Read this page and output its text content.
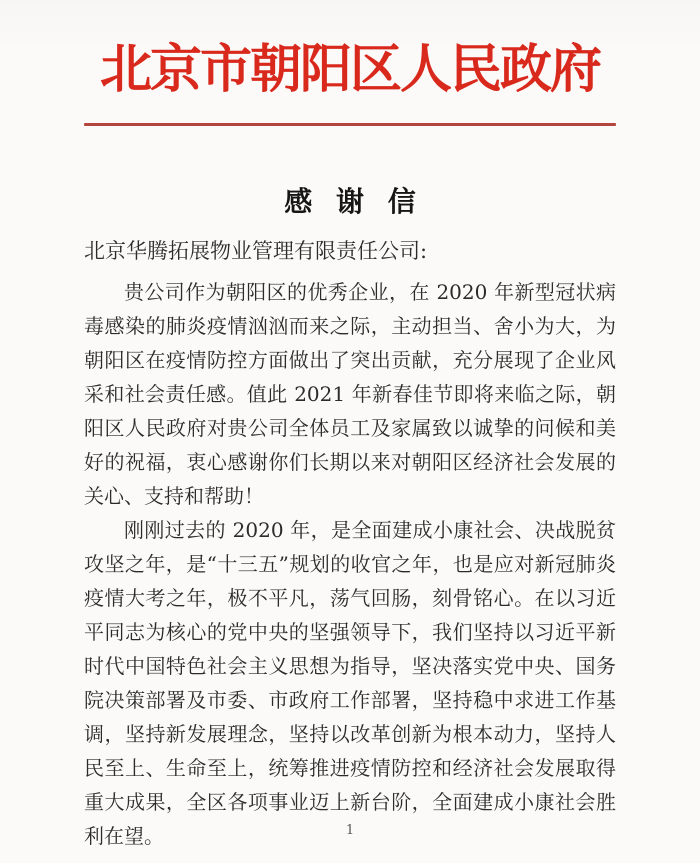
北京市朝阳区人民政府
感 谢 信
北京华腾拓展物业管理有限责任公司:

贵公司作为朝阳区的优秀企业，在 2020 年新型冠状病毒感染的肺炎疫情汹汹而来之际，主动担当、舍小为大，为朝阳区在疫情防控方面做出了突出贡献，充分展现了企业风采和社会责任感。值此 2021 年新春佳节即将来临之际，朝阳区人民政府对贵公司全体员工及家属致以诚挚的问候和美好的祝福，衷心感谢你们长期以来对朝阳区经济社会发展的关心、支持和帮助！

刚刚过去的 2020 年，是全面建成小康社会、决战脱贫攻坚之年，是“十三五”规划的收官之年，也是应对新冠肺炎疫情大考之年，极不平凡，荡气回肠，刻骨铭心。在以习近平同志为核心的党中央的坚强领导下，我们坚持以习近平新时代中国特色社会主义思想为指导，坚决落实党中央、国务院决策部署及市委、市政府工作部署，坚持稳中求进工作基调，坚持新发展理念，坚持以改革创新为根本动力，坚持人民至上、生命至上，统筹推进疫情防控和经济社会发展取得重大成果，全区各项事业迈上新台阶，全面建成小康社会胜利在望。	1
